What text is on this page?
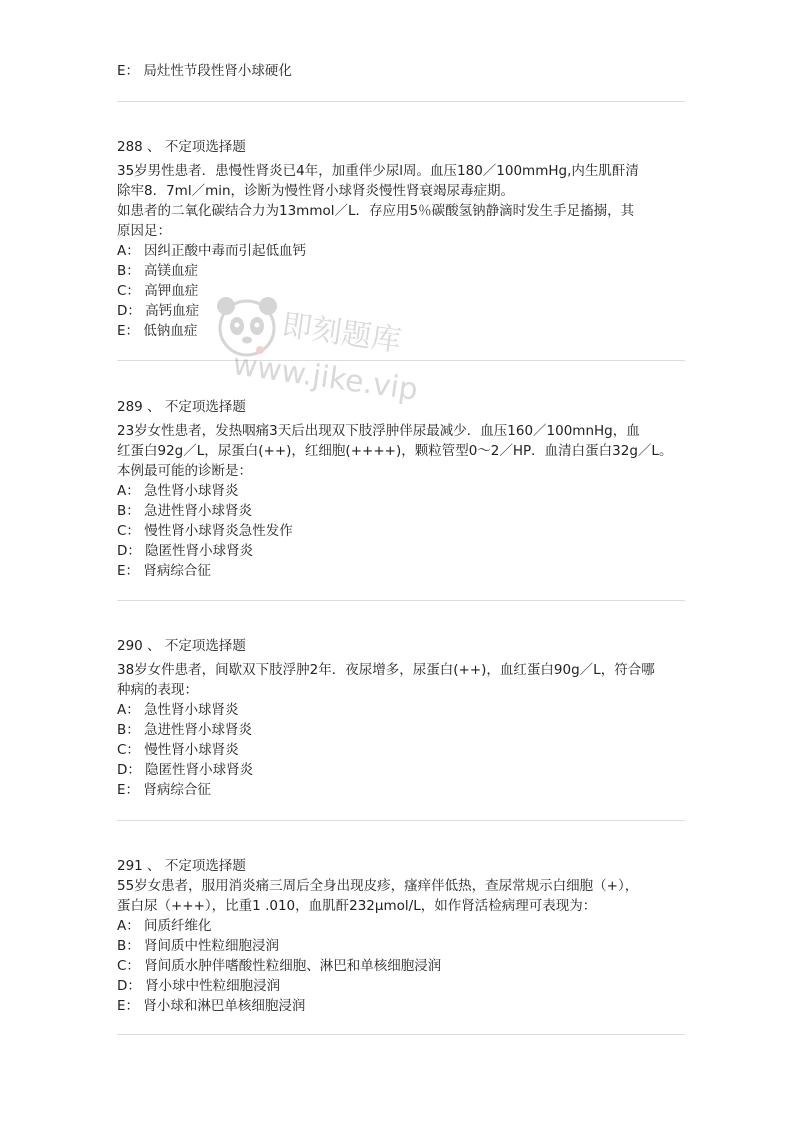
E： 局灶性节段性肾小球硬化
288 、 不定项选择题
35岁男性患者．患慢性肾炎已4年，加重伴少尿l周。血压180／100mmHg,内生肌酐清
除牢8．7ml／min，诊断为慢性肾小球肾炎慢性肾衰竭尿毒症期。
如患者的二氧化碳结合力为13mmol／L．存应用5％碳酸氢钠静滴时发生手足搐搦，其
原因足：
A： 因纠正酸中毒而引起低血钙
B： 高镁血症
C： 高钾血症
D： 高钙血症
E： 低钠血症
289 、 不定项选择题
23岁女性患者，发热咽痛3天后出现双下肢浮肿伴尿最减少．血压160／100mnHg，血
红蛋白92g／L，尿蛋白(++)，红细胞(++++)，颗粒管型0～2／HP．血清白蛋白32g／L。
本例最可能的诊断是：
A： 急性肾小球肾炎
B： 急进性肾小球肾炎
C： 慢性肾小球肾炎急性发作
D： 隐匿性肾小球肾炎
E： 肾病综合征
290 、 不定项选择题
38岁女件患者，间歇双下肢浮肿2年．夜尿增多，尿蛋白(++)，血红蛋白90g／L，符合哪
种病的表现：
A： 急性肾小球肾炎
B： 急进性肾小球肾炎
C： 慢性肾小球肾炎
D： 隐匿性肾小球肾炎
E： 肾病综合征
291 、 不定项选择题
55岁女患者，服用消炎痛三周后全身出现皮疹，瘙痒伴低热，查尿常规示白细胞（+），
蛋白尿（+++），比重1 .010，血肌酐232μmol/L，如作肾活检病理可表现为：
A： 间质纤维化
B： 肾间质中性粒细胞浸润
C： 肾间质水肿伴嗜酸性粒细胞、淋巴和单核细胞浸润
D： 肾小球中性粒细胞浸润
E： 肾小球和淋巴单核细胞浸润
即刻题库
www.jike.vip
